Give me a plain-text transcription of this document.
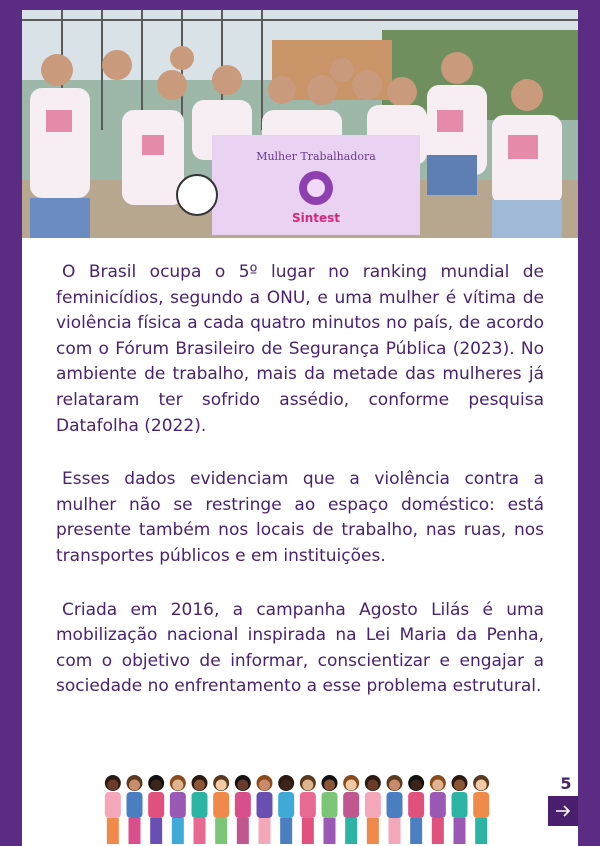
Mulher Trabalhadora
Sintest

O Brasil ocupa o 5º lugar no ranking mundial de feminicídios, segundo a ONU, e uma mulher é vítima de violência física a cada quatro minutos no país, de acordo com o Fórum Brasileiro de Segurança Pública (2023). No ambiente de trabalho, mais da metade das mulheres já relataram ter sofrido assédio, conforme pesquisa Datafolha (2022).

Esses dados evidenciam que a violência contra a mulher não se restringe ao espaço doméstico: está presente também nos locais de trabalho, nas ruas, nos transportes públicos e em instituições.

Criada em 2016, a campanha Agosto Lilás é uma mobilização nacional inspirada na Lei Maria da Penha, com o objetivo de informar, conscientizar e engajar a sociedade no enfrentamento a esse problema estrutural.

5
